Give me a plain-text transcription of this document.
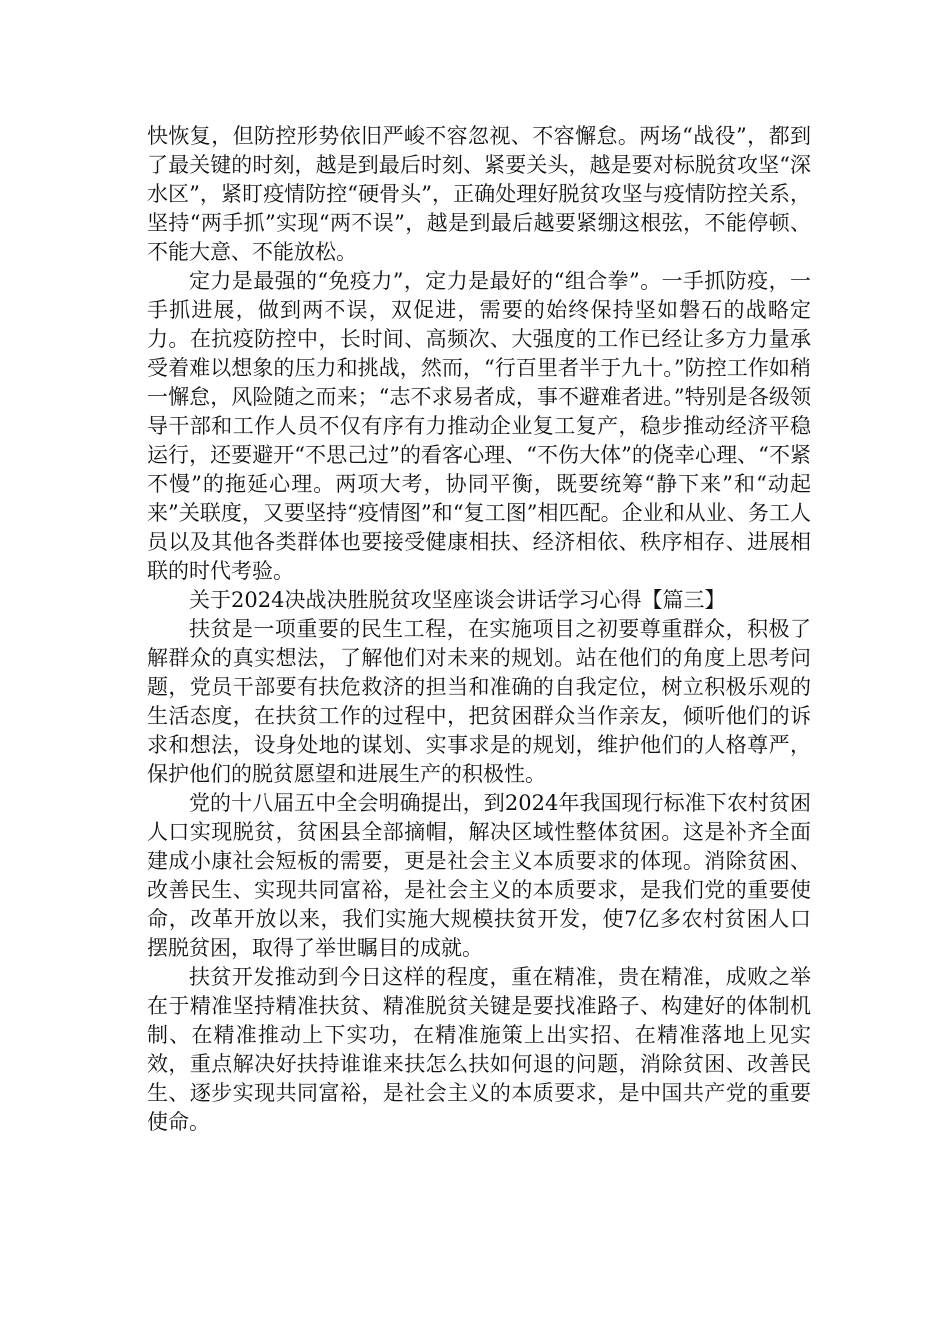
快恢复，但防控形势依旧严峻不容忽视、不容懈怠。两场“战役”，都到了最关键的时刻，越是到最后时刻、紧要关头，越是要对标脱贫攻坚“深水区”，紧盯疫情防控“硬骨头”，正确处理好脱贫攻坚与疫情防控关系，坚持“两手抓”实现“两不误”，越是到最后越要紧绷这根弦，不能停顿、不能大意、不能放松。

定力是最强的“免疫力”，定力是最好的“组合拳”。一手抓防疫，一手抓进展，做到两不误，双促进，需要的始终保持坚如磐石的战略定力。在抗疫防控中，长时间、高频次、大强度的工作已经让多方力量承受着难以想象的压力和挑战，然而，“行百里者半于九十。”防控工作如稍一懈怠，风险随之而来；“志不求易者成，事不避难者进。”特别是各级领导干部和工作人员不仅有序有力推动企业复工复产，稳步推动经济平稳运行，还要避开“不思己过”的看客心理、“不伤大体”的侥幸心理、“不紧不慢”的拖延心理。两项大考，协同平衡，既要统筹“静下来”和“动起来”关联度，又要坚持“疫情图”和“复工图”相匹配。企业和从业、务工人员以及其他各类群体也要接受健康相扶、经济相依、秩序相存、进展相联的时代考验。

关于2024决战决胜脱贫攻坚座谈会讲话学习心得【篇三】

扶贫是一项重要的民生工程，在实施项目之初要尊重群众，积极了解群众的真实想法，了解他们对未来的规划。站在他们的角度上思考问题，党员干部要有扶危救济的担当和准确的自我定位，树立积极乐观的生活态度，在扶贫工作的过程中，把贫困群众当作亲友，倾听他们的诉求和想法，设身处地的谋划、实事求是的规划，维护他们的人格尊严，保护他们的脱贫愿望和进展生产的积极性。

党的十八届五中全会明确提出，到2024年我国现行标准下农村贫困人口实现脱贫，贫困县全部摘帽，解决区域性整体贫困。这是补齐全面建成小康社会短板的需要，更是社会主义本质要求的体现。消除贫困、改善民生、实现共同富裕，是社会主义的本质要求，是我们党的重要使命，改革开放以来，我们实施大规模扶贫开发，使7亿多农村贫困人口摆脱贫困，取得了举世瞩目的成就。

扶贫开发推动到今日这样的程度，重在精准，贵在精准，成败之举在于精准坚持精准扶贫、精准脱贫关键是要找准路子、构建好的体制机制、在精准推动上下实功，在精准施策上出实招、在精准落地上见实效，重点解决好扶持谁谁来扶怎么扶如何退的问题，消除贫困、改善民生、逐步实现共同富裕，是社会主义的本质要求，是中国共产党的重要使命。
